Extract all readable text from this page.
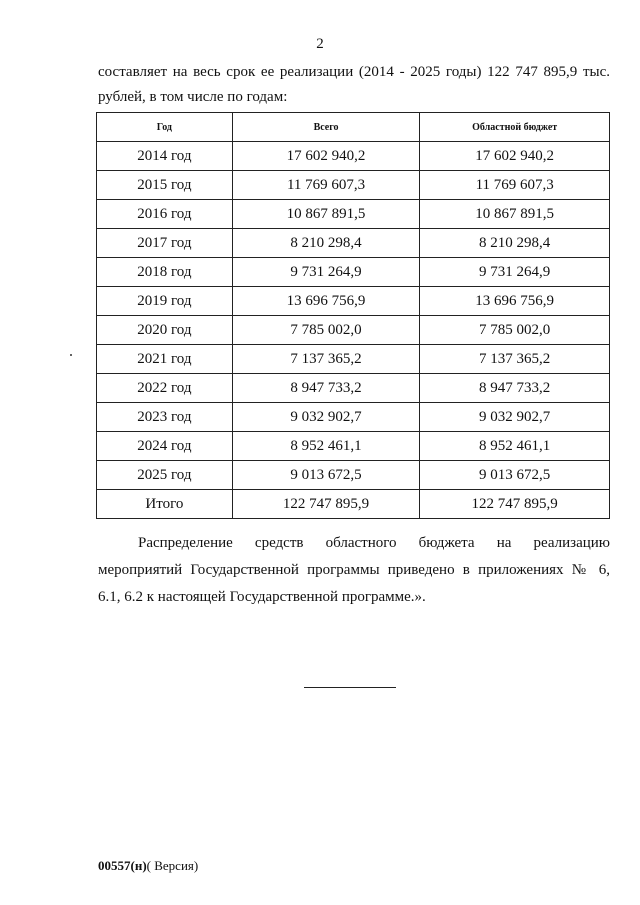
2
составляет на весь срок ее реализации (2014 - 2025 годы) 122 747 895,9 тыс.
рублей, в том числе по годам:
Год	Всего	Областной бюджет
2014 год	17 602 940,2	17 602 940,2
2015 год	11 769 607,3	11 769 607,3
2016 год	10 867 891,5	10 867 891,5
2017 год	8 210 298,4	8 210 298,4
2018 год	9 731 264,9	9 731 264,9
2019 год	13 696 756,9	13 696 756,9
2020 год	7 785 002,0	7 785 002,0
2021 год	7 137 365,2	7 137 365,2
2022 год	8 947 733,2	8 947 733,2
2023 год	9 032 902,7	9 032 902,7
2024 год	8 952 461,1	8 952 461,1
2025 год	9 013 672,5	9 013 672,5
Итого	122 747 895,9	122 747 895,9
Распределение средств областного бюджета на реализацию
мероприятий Государственной программы приведено в приложениях № 6,
6.1, 6.2 к настоящей Государственной программе.».
00557(н)( Версия)
